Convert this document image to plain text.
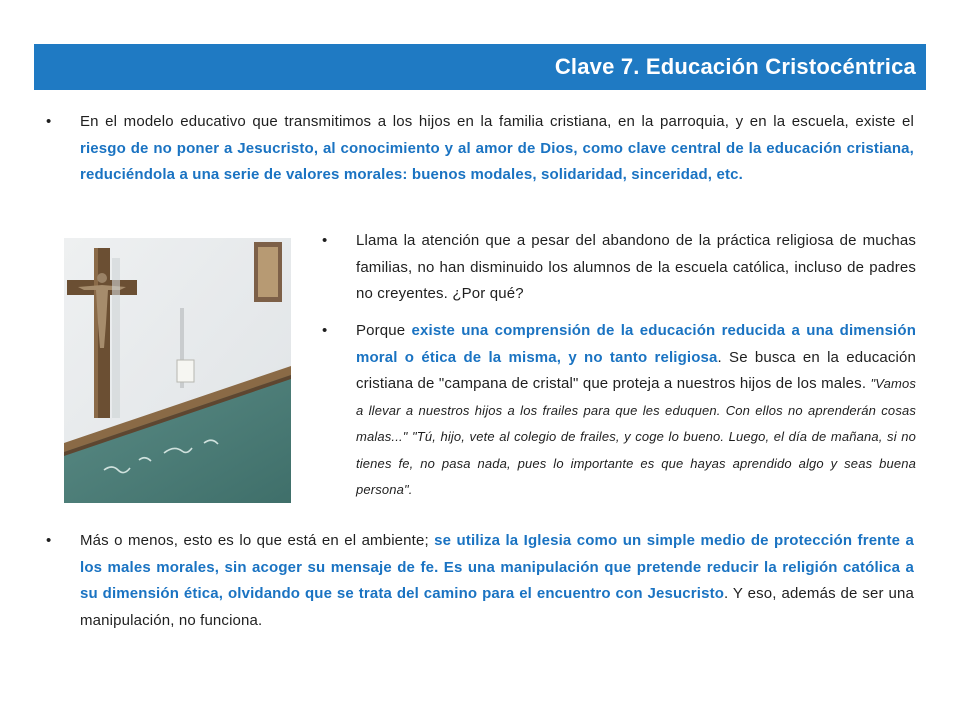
Clave 7. Educación Cristocéntrica
• En el modelo educativo que transmitimos a los hijos en la familia cristiana, en la parroquia, y en la escuela, existe el riesgo de no poner a Jesucristo, al conocimiento y al amor de Dios, como clave central de la educación cristiana, reduciéndola a una serie de valores morales: buenos modales, solidaridad, sinceridad, etc.
• Llama la atención que a pesar del abandono de la práctica religiosa de muchas familias, no han disminuido los alumnos de la escuela católica, incluso de padres no creyentes. ¿Por qué?
• Porque existe una comprensión de la educación reducida a una dimensión moral o ética de la misma, y no tanto religiosa. Se busca en la educación cristiana de "campana de cristal" que proteja a nuestros hijos de los males. "Vamos a llevar a nuestros hijos a los frailes para que les eduquen. Con ellos no aprenderán cosas malas..." "Tú, hijo, vete al colegio de frailes, y coge lo bueno. Luego, el día de mañana, si no tienes fe, no pasa nada, pues lo importante es que hayas aprendido algo y seas buena persona".
• Más o menos, esto es lo que está en el ambiente; se utiliza la Iglesia como un simple medio de protección frente a los males morales, sin acoger su mensaje de fe. Es una manipulación que pretende reducir la religión católica a su dimensión ética, olvidando que se trata del camino para el encuentro con Jesucristo. Y eso, además de ser una manipulación, no funciona.
